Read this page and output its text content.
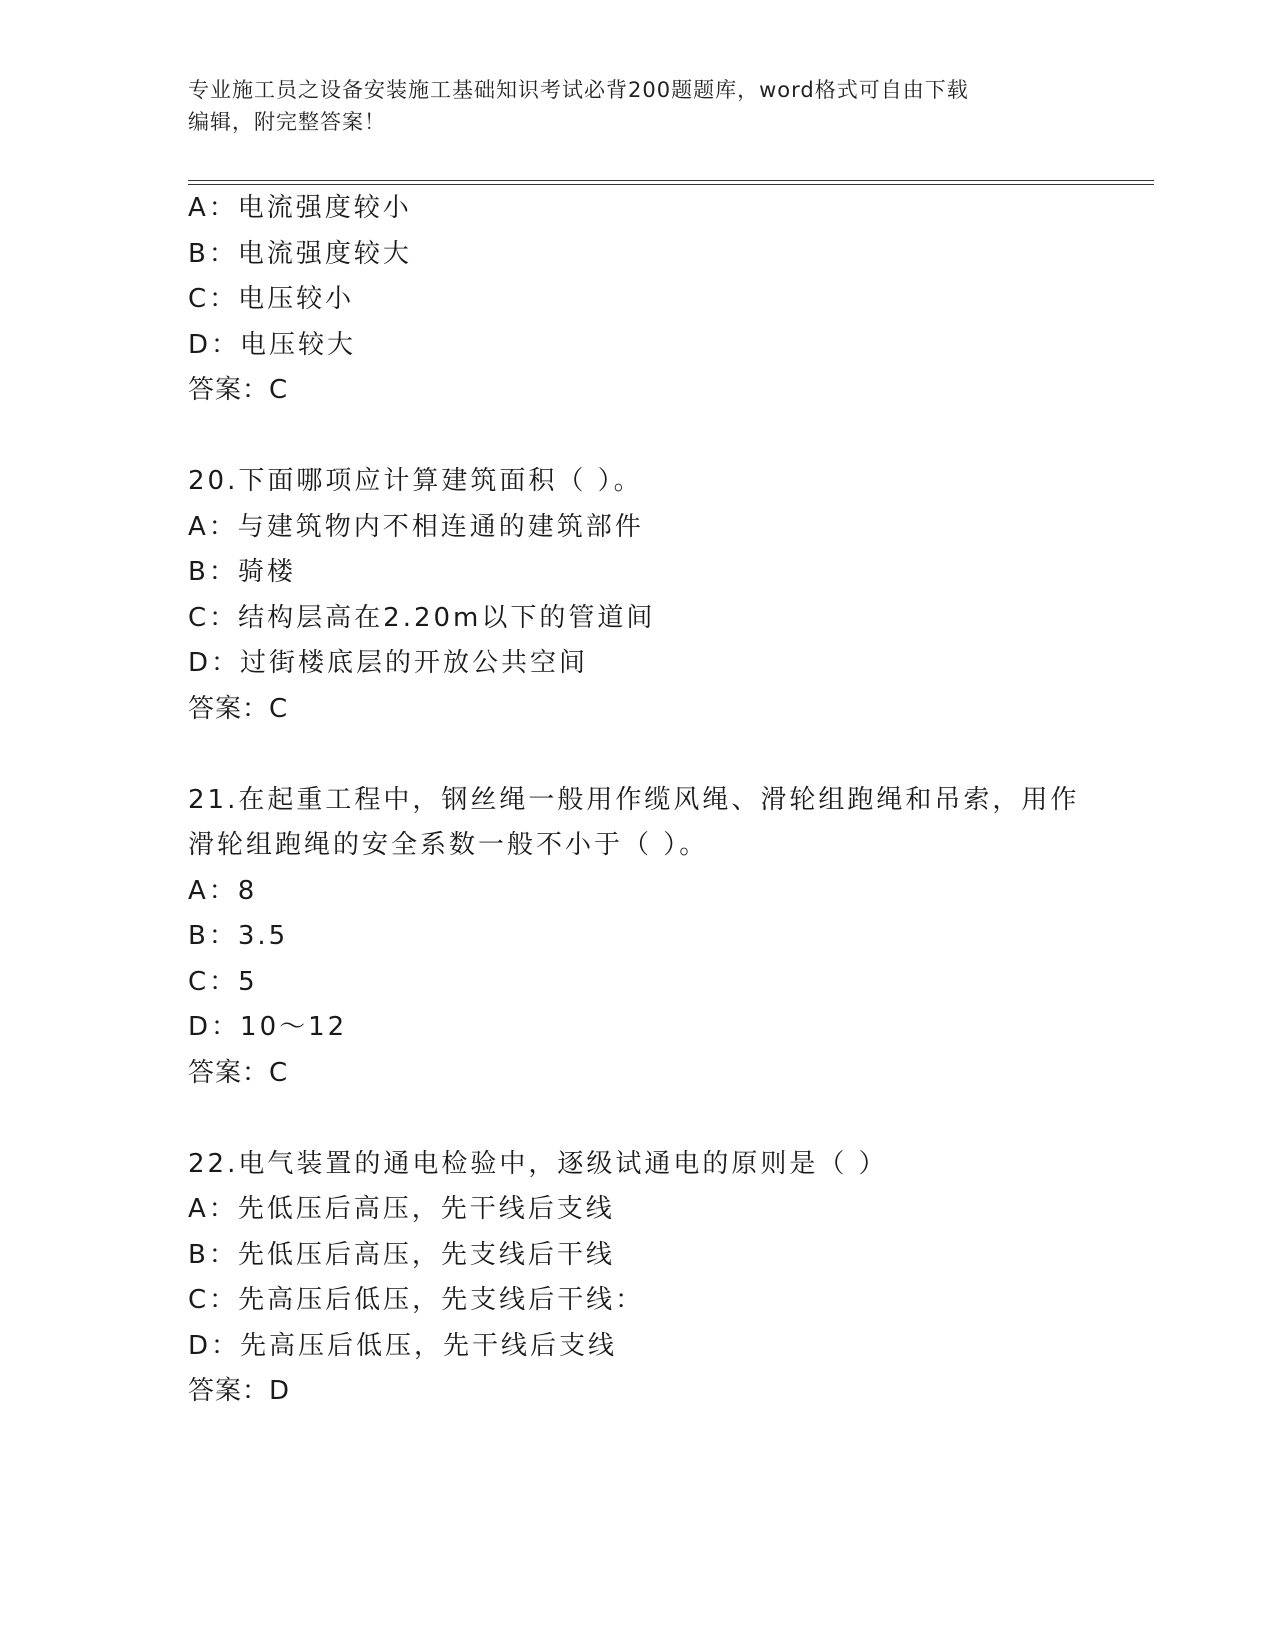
专业施工员之设备安装施工基础知识考试必背200题题库，word格式可自由下载
编辑，附完整答案！
A：电流强度较小
B：电流强度较大
C：电压较小
D：电压较大
答案：C
20.下面哪项应计算建筑面积（ ）。
A：与建筑物内不相连通的建筑部件
B：骑楼
C：结构层高在2.20m以下的管道间
D：过街楼底层的开放公共空间
答案：C
21.在起重工程中，钢丝绳一般用作缆风绳、滑轮组跑绳和吊索，用作
滑轮组跑绳的安全系数一般不小于（ ）。
A：8
B：3.5
C：5
D：10～12
答案：C
22.电气装置的通电检验中，逐级试通电的原则是（ ）
A：先低压后高压，先干线后支线
B：先低压后高压，先支线后干线
C：先高压后低压，先支线后干线：
D：先高压后低压，先干线后支线
答案：D
